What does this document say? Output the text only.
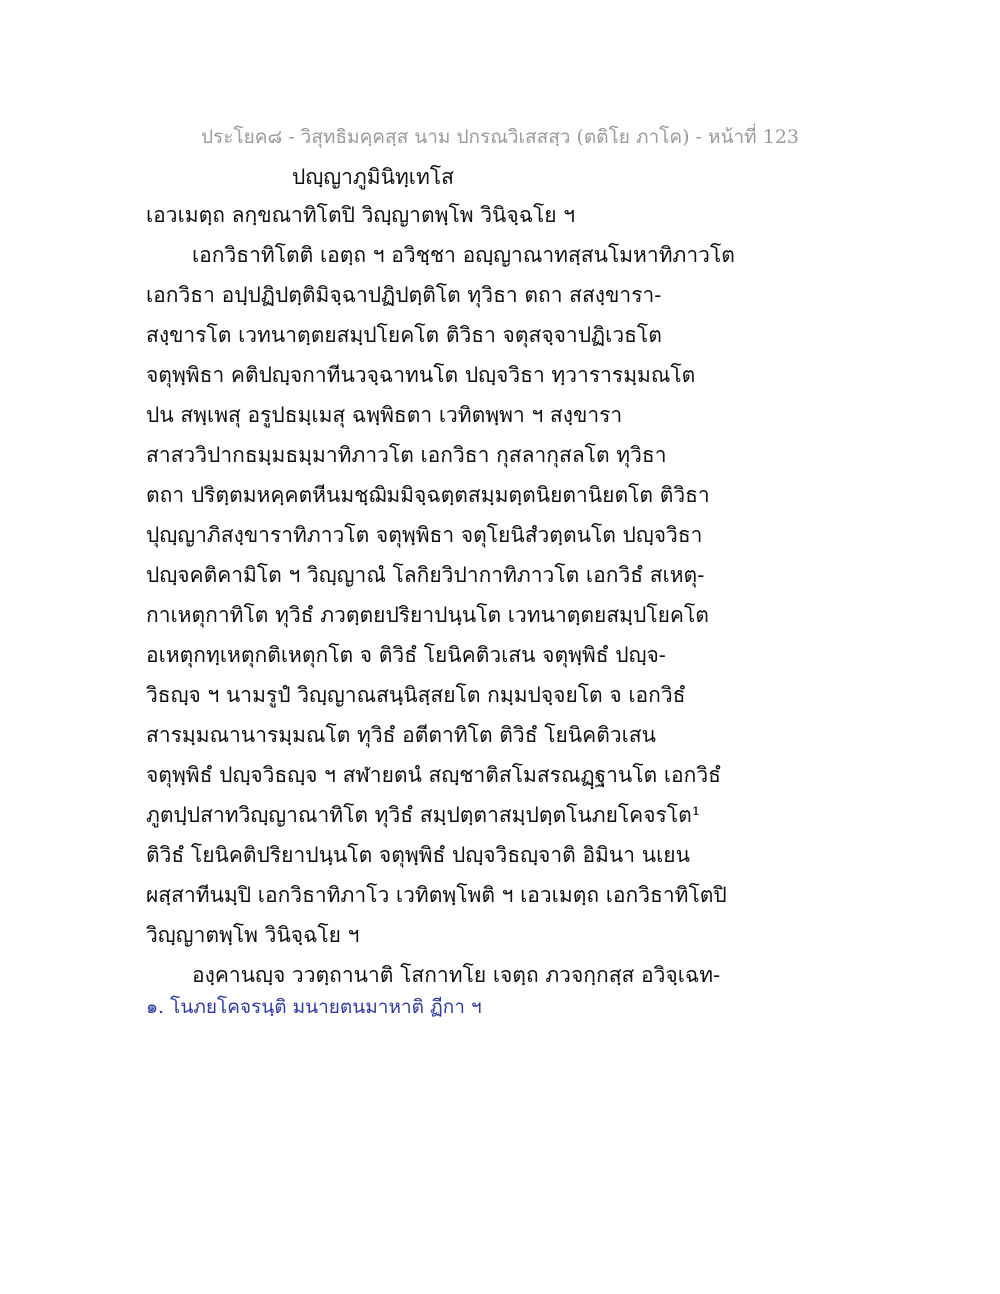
ประโยค๘ - วิสุทธิมคฺคสฺส นาม ปกรณวิเสสสฺว (ตติโย ภาโค) - หน้าที่ 123
ปญฺญาภูมินิทฺเทโส
เอวเมตฺถ ลกฺขณาทิโตปิ วิญฺญาตพฺโพ วินิจฺฉโย ฯ
เอกวิธาทิโตติ เอตฺถ ฯ อวิชฺชา อญฺญาณาทสฺสนโมหาทิภาวโต
เอกวิธา อปฺปฏิปตฺติมิจฺฉาปฏิปตฺติโต ทุวิธา ตถา สสงฺขารา-
สงฺขารโต เวทนาตฺตยสมฺปโยคโต ติวิธา จตุสจฺจาปฏิเวธโต
จตุพฺพิธา คติปญฺจกาทีนวจฺฉาทนโต ปญฺจวิธา ทฺวารารมฺมณโต
ปน สพฺเพสุ อรูปธมฺเมสุ ฉพฺพิธตา เวทิตพฺพา ฯ สงฺขารา
สาสววิปากธมฺมธมฺมาทิภาวโต เอกวิธา กุสลากุสลโต ทุวิธา
ตถา ปริตฺตมหคฺคตหีนมชฺฌิมมิจฺฉตฺตสมฺมตฺตนิยตานิยตโต ติวิธา
ปุญฺญาภิสงฺขาราทิภาวโต จตุพฺพิธา จตุโยนิสํวตฺตนโต ปญฺจวิธา
ปญฺจคติคามิโต ฯ วิญฺญาณํ โลกิยวิปากาทิภาวโต เอกวิธํ สเหตุ-
กาเหตุกาทิโต ทุวิธํ ภวตฺตยปริยาปนฺนโต เวทนาตฺตยสมฺปโยคโต
อเหตุกทฺเหตุกติเหตุกโต จ ติวิธํ โยนิคติวเสน จตุพฺพิธํ ปญฺจ-
วิธญฺจ ฯ นามรูปํ วิญฺญาณสนฺนิสฺสยโต กมฺมปจฺจยโต จ เอกวิธํ
สารมฺมณานารมฺมณโต ทุวิธํ อตีตาทิโต ติวิธํ โยนิคติวเสน
จตุพฺพิธํ ปญฺจวิธญฺจ ฯ สฬายตนํ สญฺชาติสโมสรณฏฺฐานโต เอกวิธํ
ภูตปฺปสาทวิญฺญาณาทิโต ทุวิธํ สมฺปตฺตาสมฺปตฺตโนภยโคจรโต¹
ติวิธํ โยนิคติปริยาปนฺนโต จตุพฺพิธํ ปญฺจวิธญฺจาติ อิมินา นเยน
ผสฺสาทีนมฺปิ เอกวิธาทิภาโว เวทิตพฺโพติ ฯ เอวเมตฺถ เอกวิธาทิโตปิ
วิญฺญาตพฺโพ วินิจฺฉโย ฯ
องฺคานญฺจ ววตฺถานาติ โสกาทโย เจตฺถ ภวจกฺกสฺส อวิจฺเฉท-
๑. โนภยโคจรนฺติ มนายตนมาหาติ ฏีกา ฯ
